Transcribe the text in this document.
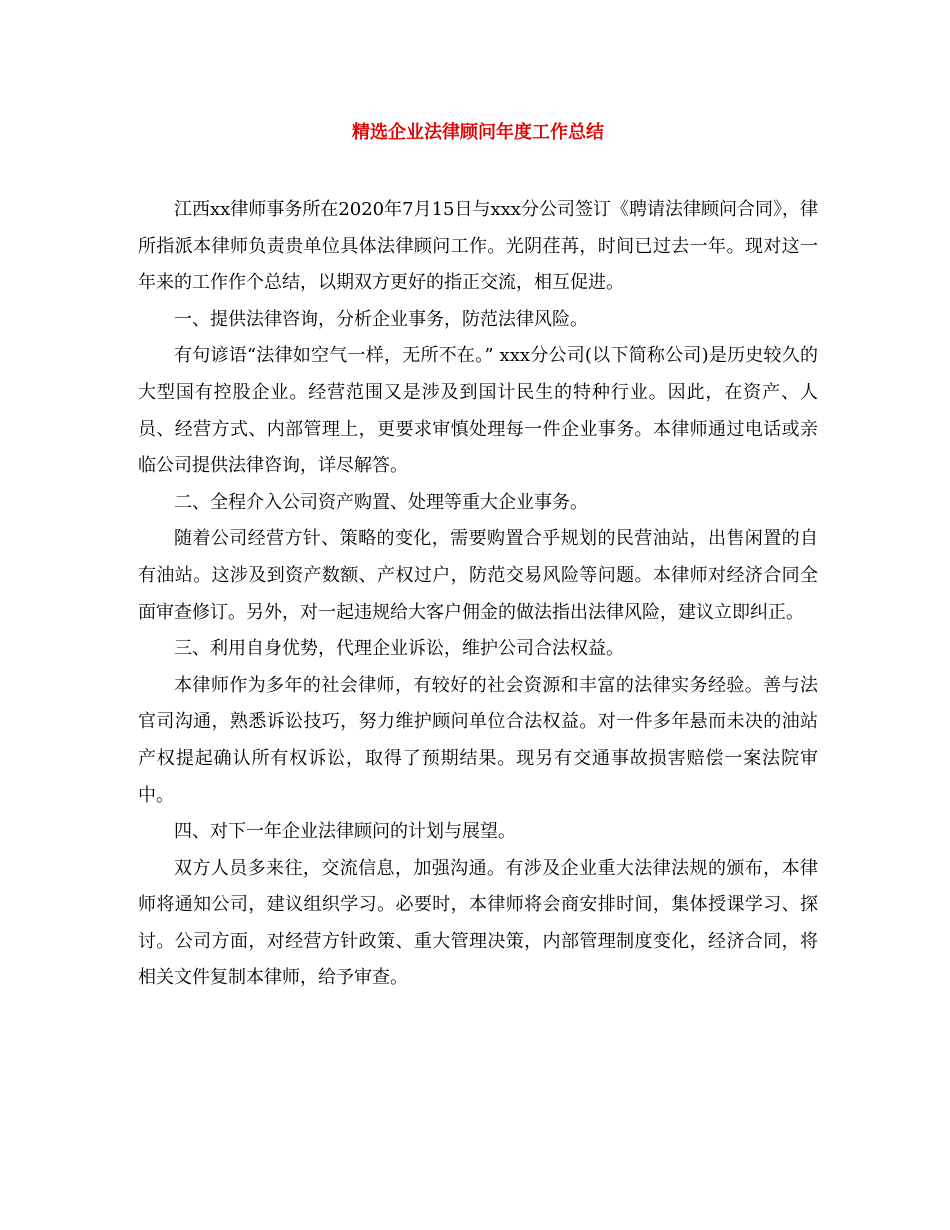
精选企业法律顾问年度工作总结

江西xx律师事务所在2020年7月15日与xxx分公司签订《聘请法律顾问合同》，律所指派本律师负责贵单位具体法律顾问工作。光阴荏苒，时间已过去一年。现对这一年来的工作作个总结，以期双方更好的指正交流，相互促进。

一、提供法律咨询，分析企业事务，防范法律风险。

有句谚语“法律如空气一样，无所不在。” xxx分公司(以下简称公司)是历史较久的大型国有控股企业。经营范围又是涉及到国计民生的特种行业。因此，在资产、人员、经营方式、内部管理上，更要求审慎处理每一件企业事务。本律师通过电话或亲临公司提供法律咨询，详尽解答。

二、全程介入公司资产购置、处理等重大企业事务。

随着公司经营方针、策略的变化，需要购置合乎规划的民营油站，出售闲置的自有油站。这涉及到资产数额、产权过户，防范交易风险等问题。本律师对经济合同全面审查修订。另外，对一起违规给大客户佣金的做法指出法律风险，建议立即纠正。

三、利用自身优势，代理企业诉讼，维护公司合法权益。

本律师作为多年的社会律师，有较好的社会资源和丰富的法律实务经验。善与法官司沟通，熟悉诉讼技巧，努力维护顾问单位合法权益。对一件多年悬而未决的油站产权提起确认所有权诉讼，取得了预期结果。现另有交通事故损害赔偿一案法院审中。

四、对下一年企业法律顾问的计划与展望。

双方人员多来往，交流信息，加强沟通。有涉及企业重大法律法规的颁布，本律师将通知公司，建议组织学习。必要时，本律师将会商安排时间，集体授课学习、探讨。公司方面，对经营方针政策、重大管理决策，内部管理制度变化，经济合同，将相关文件复制本律师，给予审查。
